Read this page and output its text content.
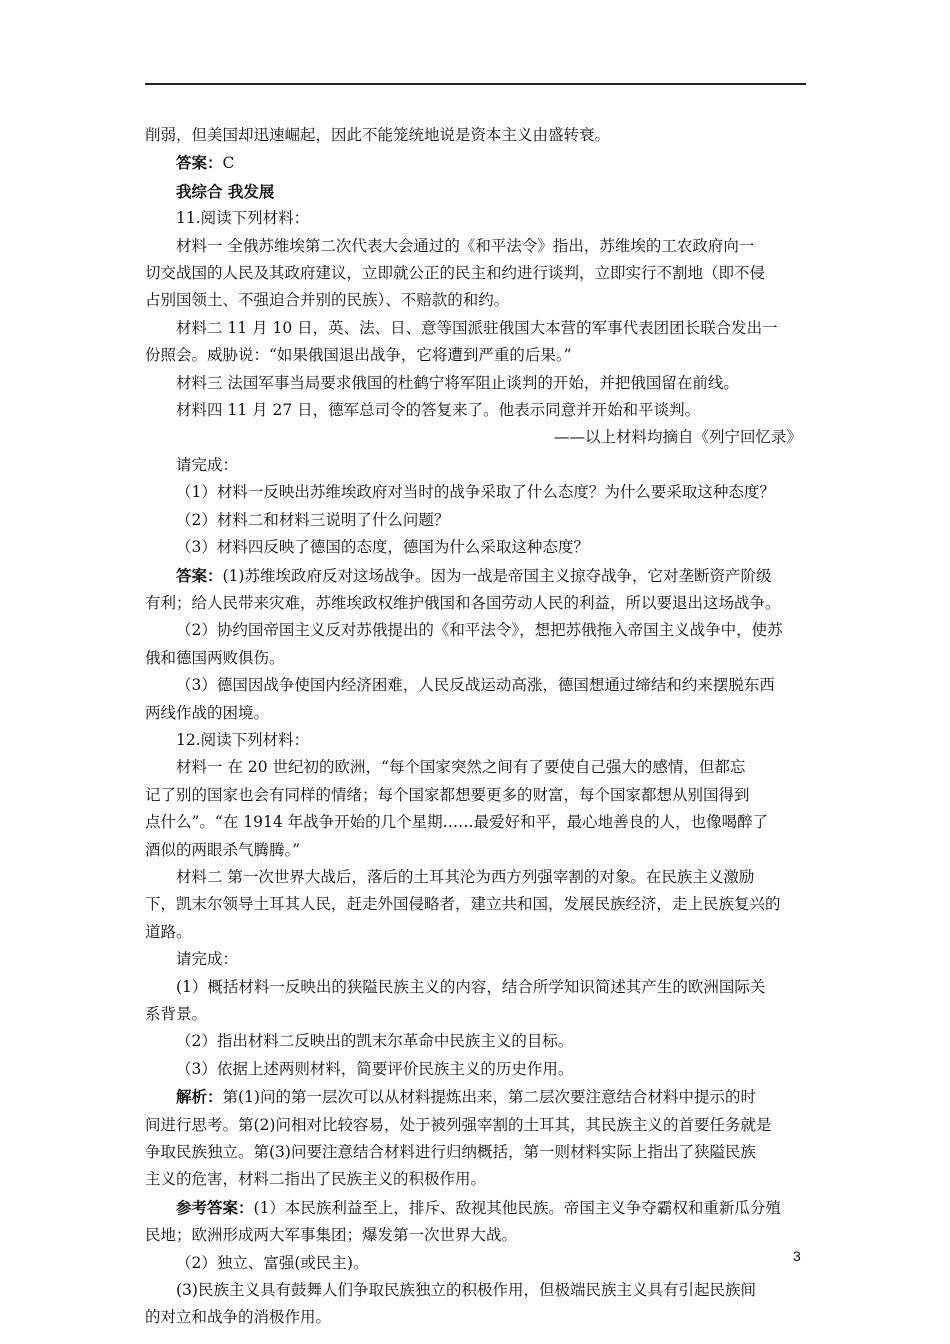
削弱，但美国却迅速崛起，因此不能笼统地说是资本主义由盛转衰。

答案：C

我综合 我发展

11.阅读下列材料：

材料一 全俄苏维埃第二次代表大会通过的《和平法令》指出，苏维埃的工农政府向一

切交战国的人民及其政府建议，立即就公正的民主和约进行谈判，立即实行不割地（即不侵

占别国领土、不强迫合并别的民族）、不赔款的和约。

材料二 11 月 10 日，英、法、日、意等国派驻俄国大本营的军事代表团团长联合发出一

份照会。威胁说：“如果俄国退出战争，它将遭到严重的后果。”

材料三 法国军事当局要求俄国的杜鹤宁将军阻止谈判的开始，并把俄国留在前线。

材料四 11 月 27 日，德军总司令的答复来了。他表示同意并开始和平谈判。

——以上材料均摘自《列宁回忆录》

请完成：

（1）材料一反映出苏维埃政府对当时的战争采取了什么态度？为什么要采取这种态度？

（2）材料二和材料三说明了什么问题？

（3）材料四反映了德国的态度，德国为什么采取这种态度？

答案：(1)苏维埃政府反对这场战争。因为一战是帝国主义掠夺战争，它对垄断资产阶级

有利；给人民带来灾难，苏维埃政权维护俄国和各国劳动人民的利益，所以要退出这场战争。

（2）协约国帝国主义反对苏俄提出的《和平法令》，想把苏俄拖入帝国主义战争中，使苏

俄和德国两败俱伤。

（3）德国因战争使国内经济困难，人民反战运动高涨，德国想通过缔结和约来摆脱东西

两线作战的困境。

12.阅读下列材料：

材料一 在 20 世纪初的欧洲，“每个国家突然之间有了要使自己强大的感情，但都忘

记了别的国家也会有同样的情绪；每个国家都想要更多的财富，每个国家都想从别国得到

点什么”。“在 1914 年战争开始的几个星期……最爱好和平，最心地善良的人，也像喝醉了

酒似的两眼杀气腾腾。”

材料二 第一次世界大战后，落后的土耳其沦为西方列强宰割的对象。在民族主义激励

下，凯末尔领导土耳其人民，赶走外国侵略者，建立共和国，发展民族经济，走上民族复兴的

道路。

请完成：

(1）概括材料一反映出的狭隘民族主义的内容，结合所学知识简述其产生的欧洲国际关

系背景。

（2）指出材料二反映出的凯末尔革命中民族主义的目标。

（3）依据上述两则材料，简要评价民族主义的历史作用。

解析：第(1)问的第一层次可以从材料提炼出来，第二层次要注意结合材料中提示的时

间进行思考。第(2)问相对比较容易，处于被列强宰割的土耳其，其民族主义的首要任务就是

争取民族独立。第(3)问要注意结合材料进行归纳概括，第一则材料实际上指出了狭隘民族

主义的危害，材料二指出了民族主义的积极作用。

参考答案：(1）本民族利益至上，排斥、敌视其他民族。帝国主义争夺霸权和重新瓜分殖

民地；欧洲形成两大军事集团；爆发第一次世界大战。

（2）独立、富强(或民主)。

(3)民族主义具有鼓舞人们争取民族独立的积极作用，但极端民族主义具有引起民族间

的对立和战争的消极作用。

3
